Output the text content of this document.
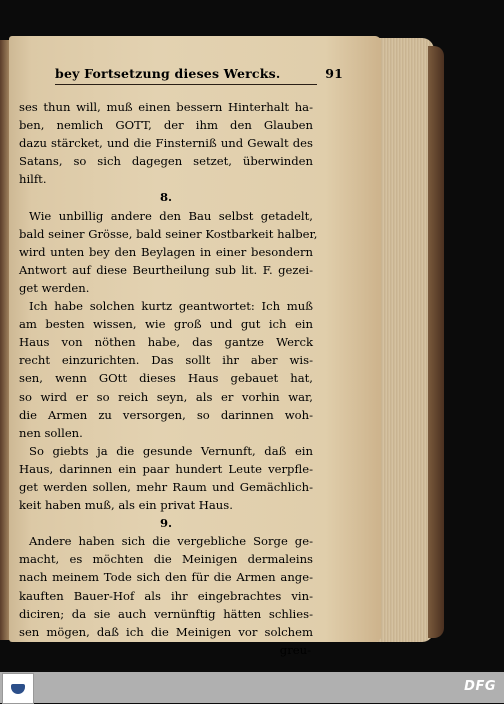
bey Fortsetzung dieses Wercks.	91
ses thun will, muß einen bessern Hinterhalt ha-
ben, nemlich GOTT, der ihm den Glauben
dazu stärcket, und die Finsterniß und Gewalt des
Satans, so sich dagegen setzet, überwinden
hilft.
8.
Wie unbillig andere den Bau selbst getadelt,
bald seiner Grösse, bald seiner Kostbarkeit halber,
wird unten bey den Beylagen in einer besondern
Antwort auf diese Beurtheilung sub lit. F. gezei-
get werden.
Ich habe solchen kurtz geantwortet: Ich muß
am besten wissen, wie groß und gut ich ein
Haus von nöthen habe, das gantze Werck
recht einzurichten. Das sollt ihr aber wis-
sen, wenn GOtt dieses Haus gebauet hat,
so wird er so reich seyn, als er vorhin war,
die Armen zu versorgen, so darinnen woh-
nen sollen.
So giebts ja die gesunde Vernunft, daß ein
Haus, darinnen ein paar hundert Leute verpfle-
get werden sollen, mehr Raum und Gemächlich-
keit haben muß, als ein privat Haus.
9.
Andere haben sich die vergebliche Sorge ge-
macht, es möchten die Meinigen dermaleins
nach meinem Tode sich den für die Armen ange-
kauften Bauer-Hof als ihr eingebrachtes vin-
diciren; da sie auch vernünftig hätten schlies-
sen mögen, daß ich die Meinigen vor solchem
greu-
DFG
